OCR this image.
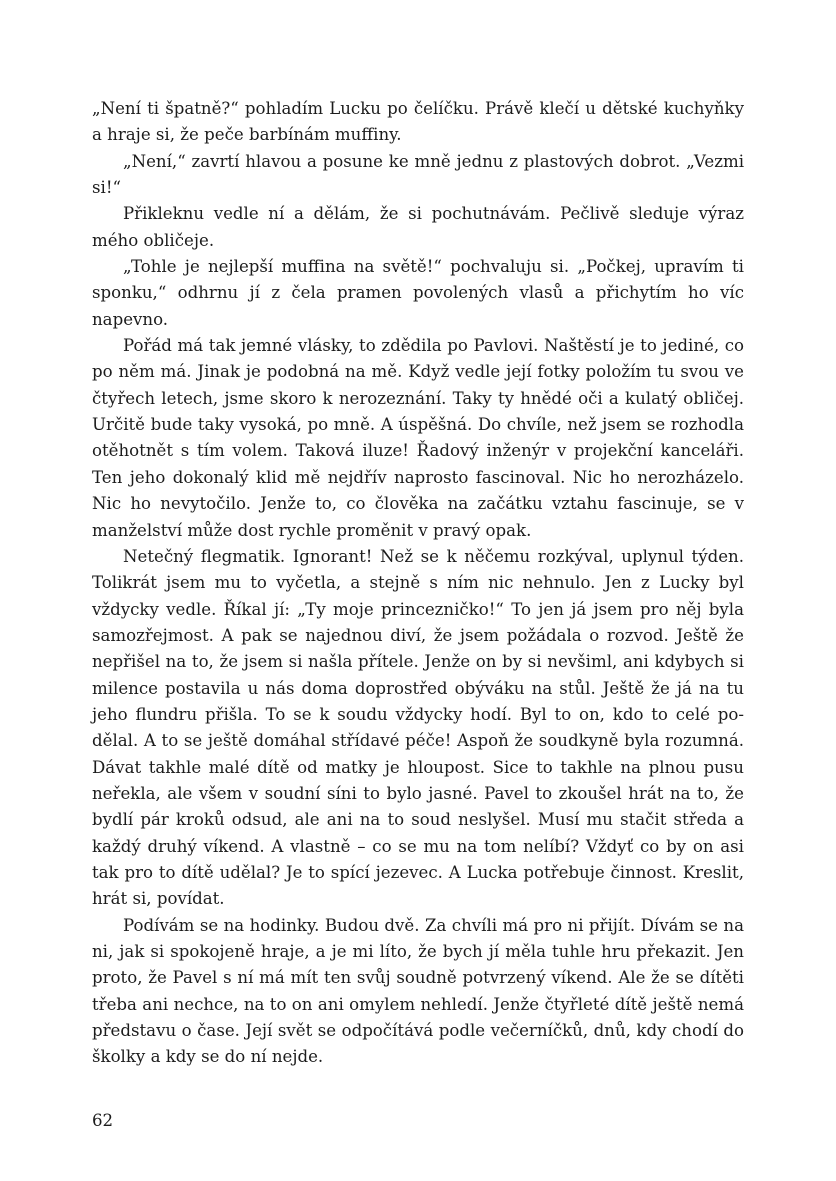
„Není ti špatně?“ pohladím Lucku po čelíčku. Právě klečí u dětské kuchyňky a hraje si, že peče barbínám muffiny.

„Není,“ zavrtí hlavou a posune ke mně jednu z plastových dobrot. „Vezmi si!“

Přikleknu vedle ní a dělám, že si pochutnávám. Pečlivě sleduje výraz mého obličeje.

„Tohle je nejlepší muffina na světě!“ pochvaluju si. „Počkej, upravím ti sponku,“ odhrnu jí z čela pramen povolených vlasů a přichytím ho víc napevno.

Pořád má tak jemné vlásky, to zdědila po Pavlovi. Naštěstí je to jediné, co po něm má. Jinak je podobná na mě. Když vedle její fotky položím tu svou ve čtyřech letech, jsme skoro k nerozeznání. Taky ty hnědé oči a kulatý obličej. Určitě bude taky vysoká, po mně. A úspěšná. Do chvíle, než jsem se rozhodla otěhotnět s tím volem. Taková iluze! Řadový inženýr v projekční kanceláři. Ten jeho dokonalý klid mě nejdřív naprosto fascinoval. Nic ho nerozházelo. Nic ho nevytočilo. Jenže to, co člověka na začátku vztahu fascinuje, se v manželství může dost rychle proměnit v pravý opak.

Netečný flegmatik. Ignorant! Než se k něčemu rozkýval, uplynul týden. Tolikrát jsem mu to vyčetla, a stejně s ním nic nehnulo. Jen z Lucky byl vždycky vedle. Říkal jí: „Ty moje princezničko!“ To jen já jsem pro něj byla samozřejmost. A pak se najednou diví, že jsem požádala o rozvod. Ještě že nepřišel na to, že jsem si našla přítele. Jenže on by si nevšiml, ani kdybych si milence postavila u nás doma doprostřed obýváku na stůl. Ještě že já na tu jeho flundru přišla. To se k soudu vždycky hodí. Byl to on, kdo to celé podělal. A to se ještě domáhal střídavé péče! Aspoň že soudkyně byla rozumná. Dávat takhle malé dítě od matky je hloupost. Sice to takhle na plnou pusu neřekla, ale všem v soudní síni to bylo jasné. Pavel to zkoušel hrát na to, že bydlí pár kroků odsud, ale ani na to soud neslyšel. Musí mu stačit středa a každý druhý víkend. A vlastně – co se mu na tom nelíbí? Vždyť co by on asi tak pro to dítě udělal? Je to spící jezevec. A Lucka potřebuje činnost. Kreslit, hrát si, povídat.

Podívám se na hodinky. Budou dvě. Za chvíli má pro ni přijít. Dívám se na ni, jak si spokojeně hraje, a je mi líto, že bych jí měla tuhle hru překazit. Jen proto, že Pavel s ní má mít ten svůj soudně potvrzený víkend. Ale že se dítěti třeba ani nechce, na to on ani omylem nehledí. Jenže čtyřleté dítě ještě nemá představu o čase. Její svět se odpočítává podle večerníčků, dnů, kdy chodí do školky a kdy se do ní nejde.

62
